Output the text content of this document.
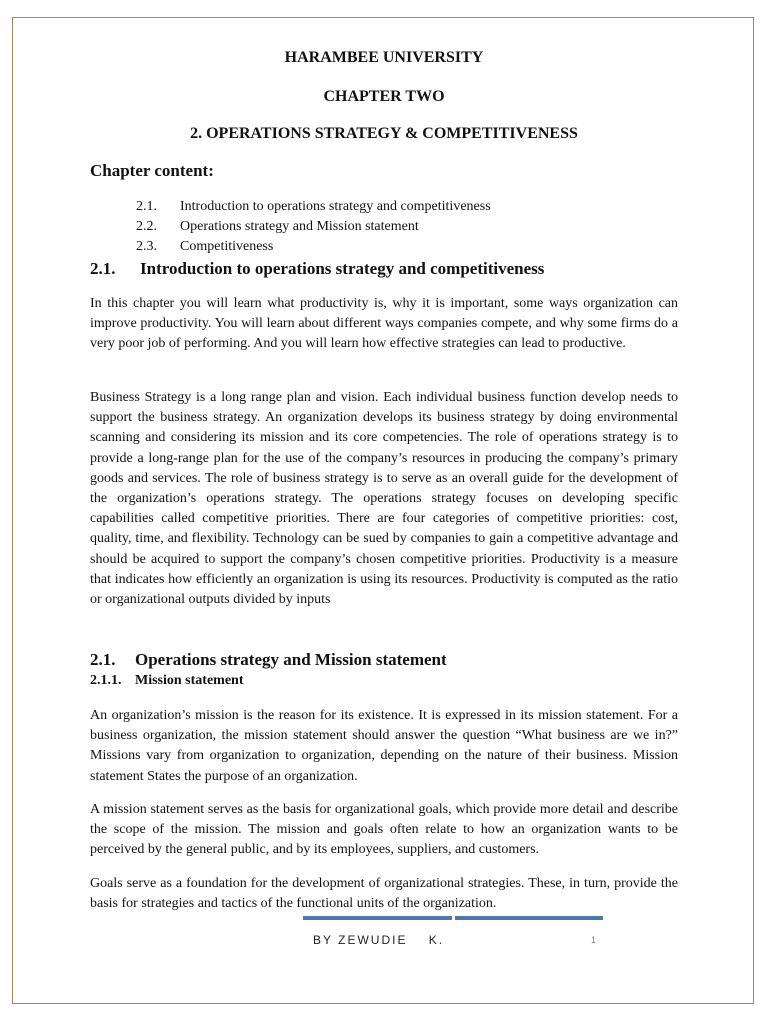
HARAMBEE UNIVERSITY
CHAPTER TWO
2. OPERATIONS STRATEGY & COMPETITIVENESS
Chapter content:
2.1.	Introduction to operations strategy and competitiveness
2.2.	Operations strategy and Mission statement
2.3.	Competitiveness
2.1. Introduction to operations strategy and competitiveness

In this chapter you will learn what productivity is, why it is important, some ways organization can improve productivity. You will learn about different ways companies compete, and why some firms do a very poor job of performing. And you will learn how effective strategies can lead to productive.

Business Strategy is a long range plan and vision. Each individual business function develop needs to support the business strategy. An organization develops its business strategy by doing environmental scanning and considering its mission and its core competencies. The role of operations strategy is to provide a long-range plan for the use of the company’s resources in producing the company’s primary goods and services. The role of business strategy is to serve as an overall guide for the development of the organization’s operations strategy. The operations strategy focuses on developing specific capabilities called competitive priorities. There are four categories of competitive priorities: cost, quality, time, and flexibility. Technology can be sued by companies to gain a competitive advantage and should be acquired to support the company’s chosen competitive priorities. Productivity is a measure that indicates how efficiently an organization is using its resources. Productivity is computed as the ratio or organizational outputs divided by inputs

2.1. Operations strategy and Mission statement
2.1.1. Mission statement

An organization’s mission is the reason for its existence. It is expressed in its mission statement. For a business organization, the mission statement should answer the question “What business are we in?” Missions vary from organization to organization, depending on the nature of their business. Mission statement States the purpose of an organization.

A mission statement serves as the basis for organizational goals, which provide more detail and describe the scope of the mission. The mission and goals often relate to how an organization wants to be perceived by the general public, and by its employees, suppliers, and customers.

Goals serve as a foundation for the development of organizational strategies. These, in turn, provide the basis for strategies and tactics of the functional units of the organization.

BY ZEWUDIE    K.	1
